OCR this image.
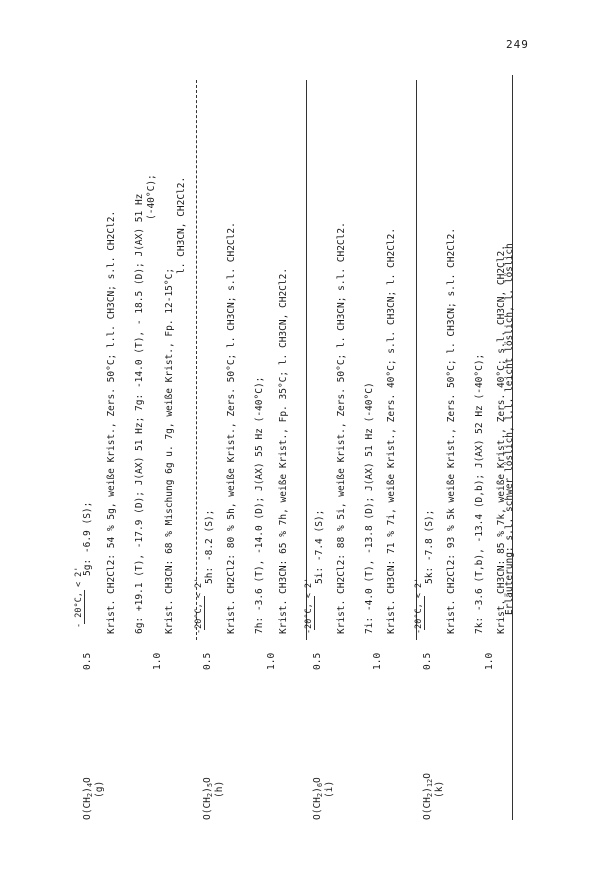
249
$O(CH_2)_4O$
(g)
0.5
- 20°C, < 2'
5g: -6.9 (S); Krist. CH2Cl2: 54 % 5g, weiße Krist., Zers. 50°C; l.l. CH3CN; s.l. CH2Cl2.
1.0
6g: +19.1 (T), -17.9 (D); J(AX) 51 Hz; 7g: -14.0 (T), - 18.5 (D); J(AX) 51 Hz (-40°C);
Krist. CH3CN: 68 % Mischung 6g u. 7g, weiße Krist., Fp. 12-15°C;
l. CH3CN, CH2Cl2.
$O(CH_2)_5O$
(h)
0.5
-20°C, < 2'
5h: -8.2 (S); Krist. CH2Cl2: 80 % 5h, weiße Krist., Zers. 50°C; l. CH3CN; s.l. CH2Cl2.
1.0
7h: -3.6 (T), -14.0 (D); J(AX) 55 Hz (-40°C); Krist. CH3CN: 65 % 7h, weiße Krist., Fp. 35°C; l. CH3CN, CH2Cl2.
$O(CH_2)_6O$
(i)
0.5
-20°C, < 2'
5i: -7.4 (S); Krist. CH2Cl2: 88 % 5i, weiße Krist., Zers. 50°C; l. CH3CN; s.l. CH2Cl2.
1.0
7i: -4.0 (T), -13.8 (D); J(AX) 51 Hz (-40°C) Krist. CH3CN: 71 % 7i, weiße Krist., Zers. 40°C; s.l. CH3CN; l. CH2Cl2.
$O(CH_2)_{12}O$
(k)
0.5
-20°C, < 2'
5k: -7.8 (S); Krist. CH2Cl2: 93 % 5k weiße Krist., Zers. 50°C; l. CH3CN; s.l. CH2Cl2.
1.0
7k: -3.6 (T,b), -13.4 (D,b); J(AX) 52 Hz (-40°C); Krist. CH3CN: 85 % 7k, weiße Krist., Zers. 40°C; s.l. CH3CN, CH2Cl2.
Erläuterung: s.l. schwer löslich, l.l. leicht löslich, l. löslich
